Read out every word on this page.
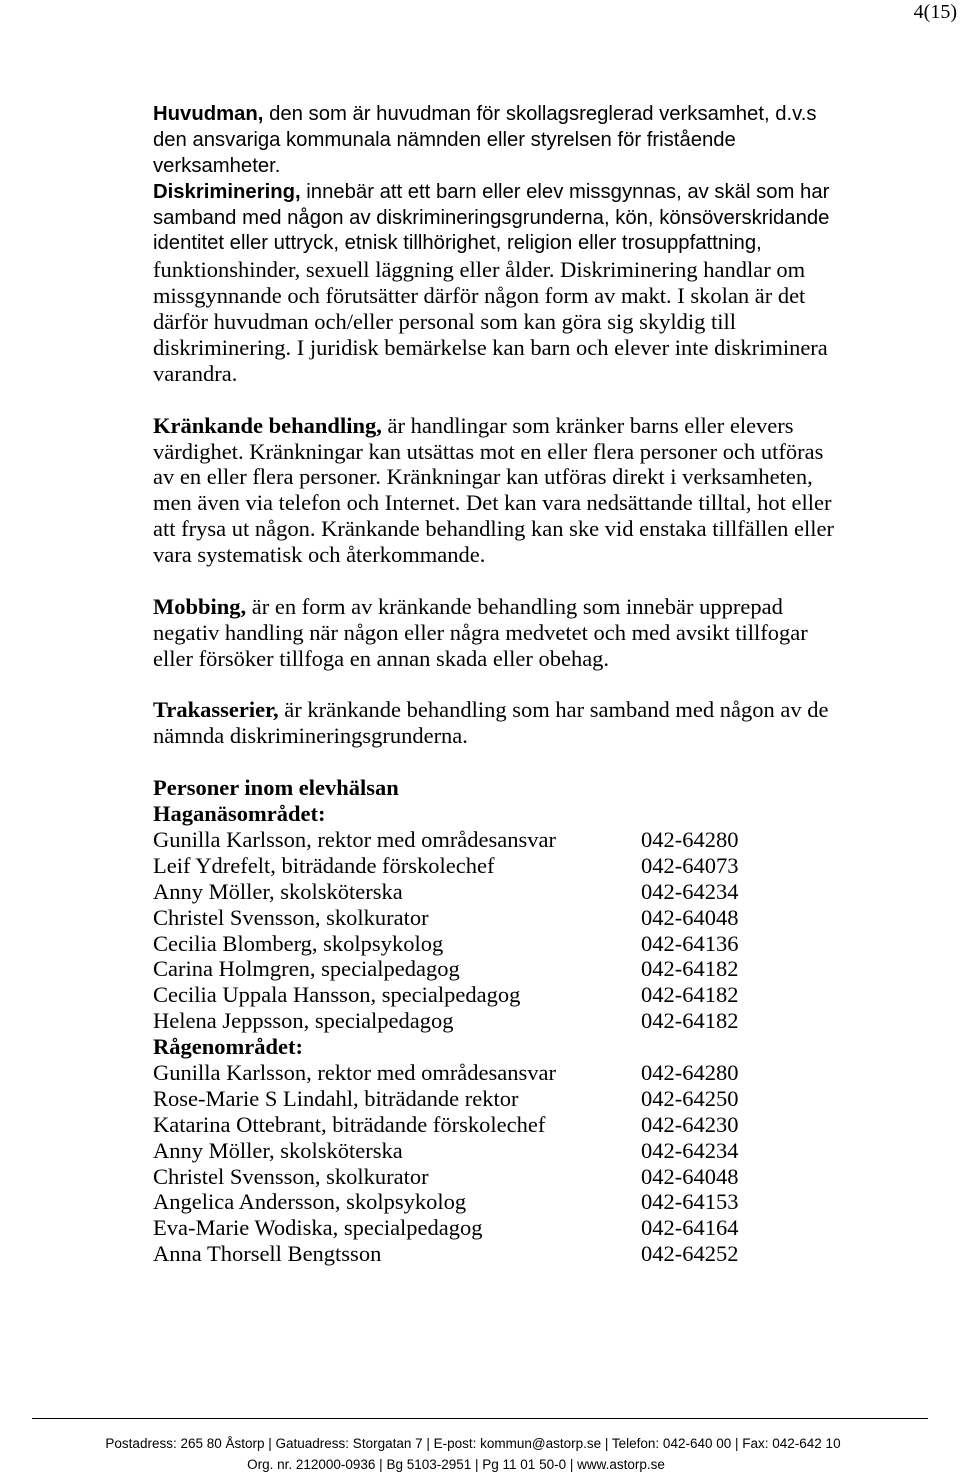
4(15)
Huvudman, den som är huvudman för skollagsreglerad verksamhet, d.v.s
den ansvariga kommunala nämnden eller styrelsen för fristående
verksamheter.
Diskriminering, innebär att ett barn eller elev missgynnas, av skäl som har
samband med någon av diskrimineringsgrunderna, kön, könsöverskridande
identitet eller uttryck, etnisk tillhörighet, religion eller trosuppfattning,
funktionshinder, sexuell läggning eller ålder. Diskriminering handlar om
missgynnande och förutsätter därför någon form av makt. I skolan är det
därför huvudman och/eller personal som kan göra sig skyldig till
diskriminering. I juridisk bemärkelse kan barn och elever inte diskriminera
varandra.
Kränkande behandling, är handlingar som kränker barns eller elevers
värdighet. Kränkningar kan utsättas mot en eller flera personer och utföras
av en eller flera personer. Kränkningar kan utföras direkt i verksamheten,
men även via telefon och Internet. Det kan vara nedsättande tilltal, hot eller
att frysa ut någon. Kränkande behandling kan ske vid enstaka tillfällen eller
vara systematisk och återkommande.
Mobbing, är en form av kränkande behandling som innebär upprepad
negativ handling när någon eller några medvetet och med avsikt tillfogar
eller försöker tillfoga en annan skada eller obehag.
Trakasserier, är kränkande behandling som har samband med någon av de
nämnda diskrimineringsgrunderna.
Personer inom elevhälsan
Haganäsområdet:
Gunilla Karlsson, rektor med områdesansvar	042-64280
Leif Ydrefelt, biträdande förskolechef	042-64073
Anny Möller, skolsköterska	042-64234
Christel Svensson, skolkurator	042-64048
Cecilia Blomberg, skolpsykolog	042-64136
Carina Holmgren, specialpedagog	042-64182
Cecilia Uppala Hansson, specialpedagog	042-64182
Helena Jeppsson, specialpedagog	042-64182
Rågenområdet:
Gunilla Karlsson, rektor med områdesansvar	042-64280
Rose-Marie S Lindahl, biträdande rektor	042-64250
Katarina Ottebrant, biträdande förskolechef	042-64230
Anny Möller, skolsköterska	042-64234
Christel Svensson, skolkurator	042-64048
Angelica Andersson, skolpsykolog	042-64153
Eva-Marie Wodiska, specialpedagog	042-64164
Anna Thorsell Bengtsson	042-64252
Postadress: 265 80 Åstorp | Gatuadress: Storgatan 7 | E-post: kommun@astorp.se | Telefon: 042-640 00 | Fax: 042-642 10
Org. nr. 212000-0936 | Bg 5103-2951 | Pg 11 01 50-0 | www.astorp.se
